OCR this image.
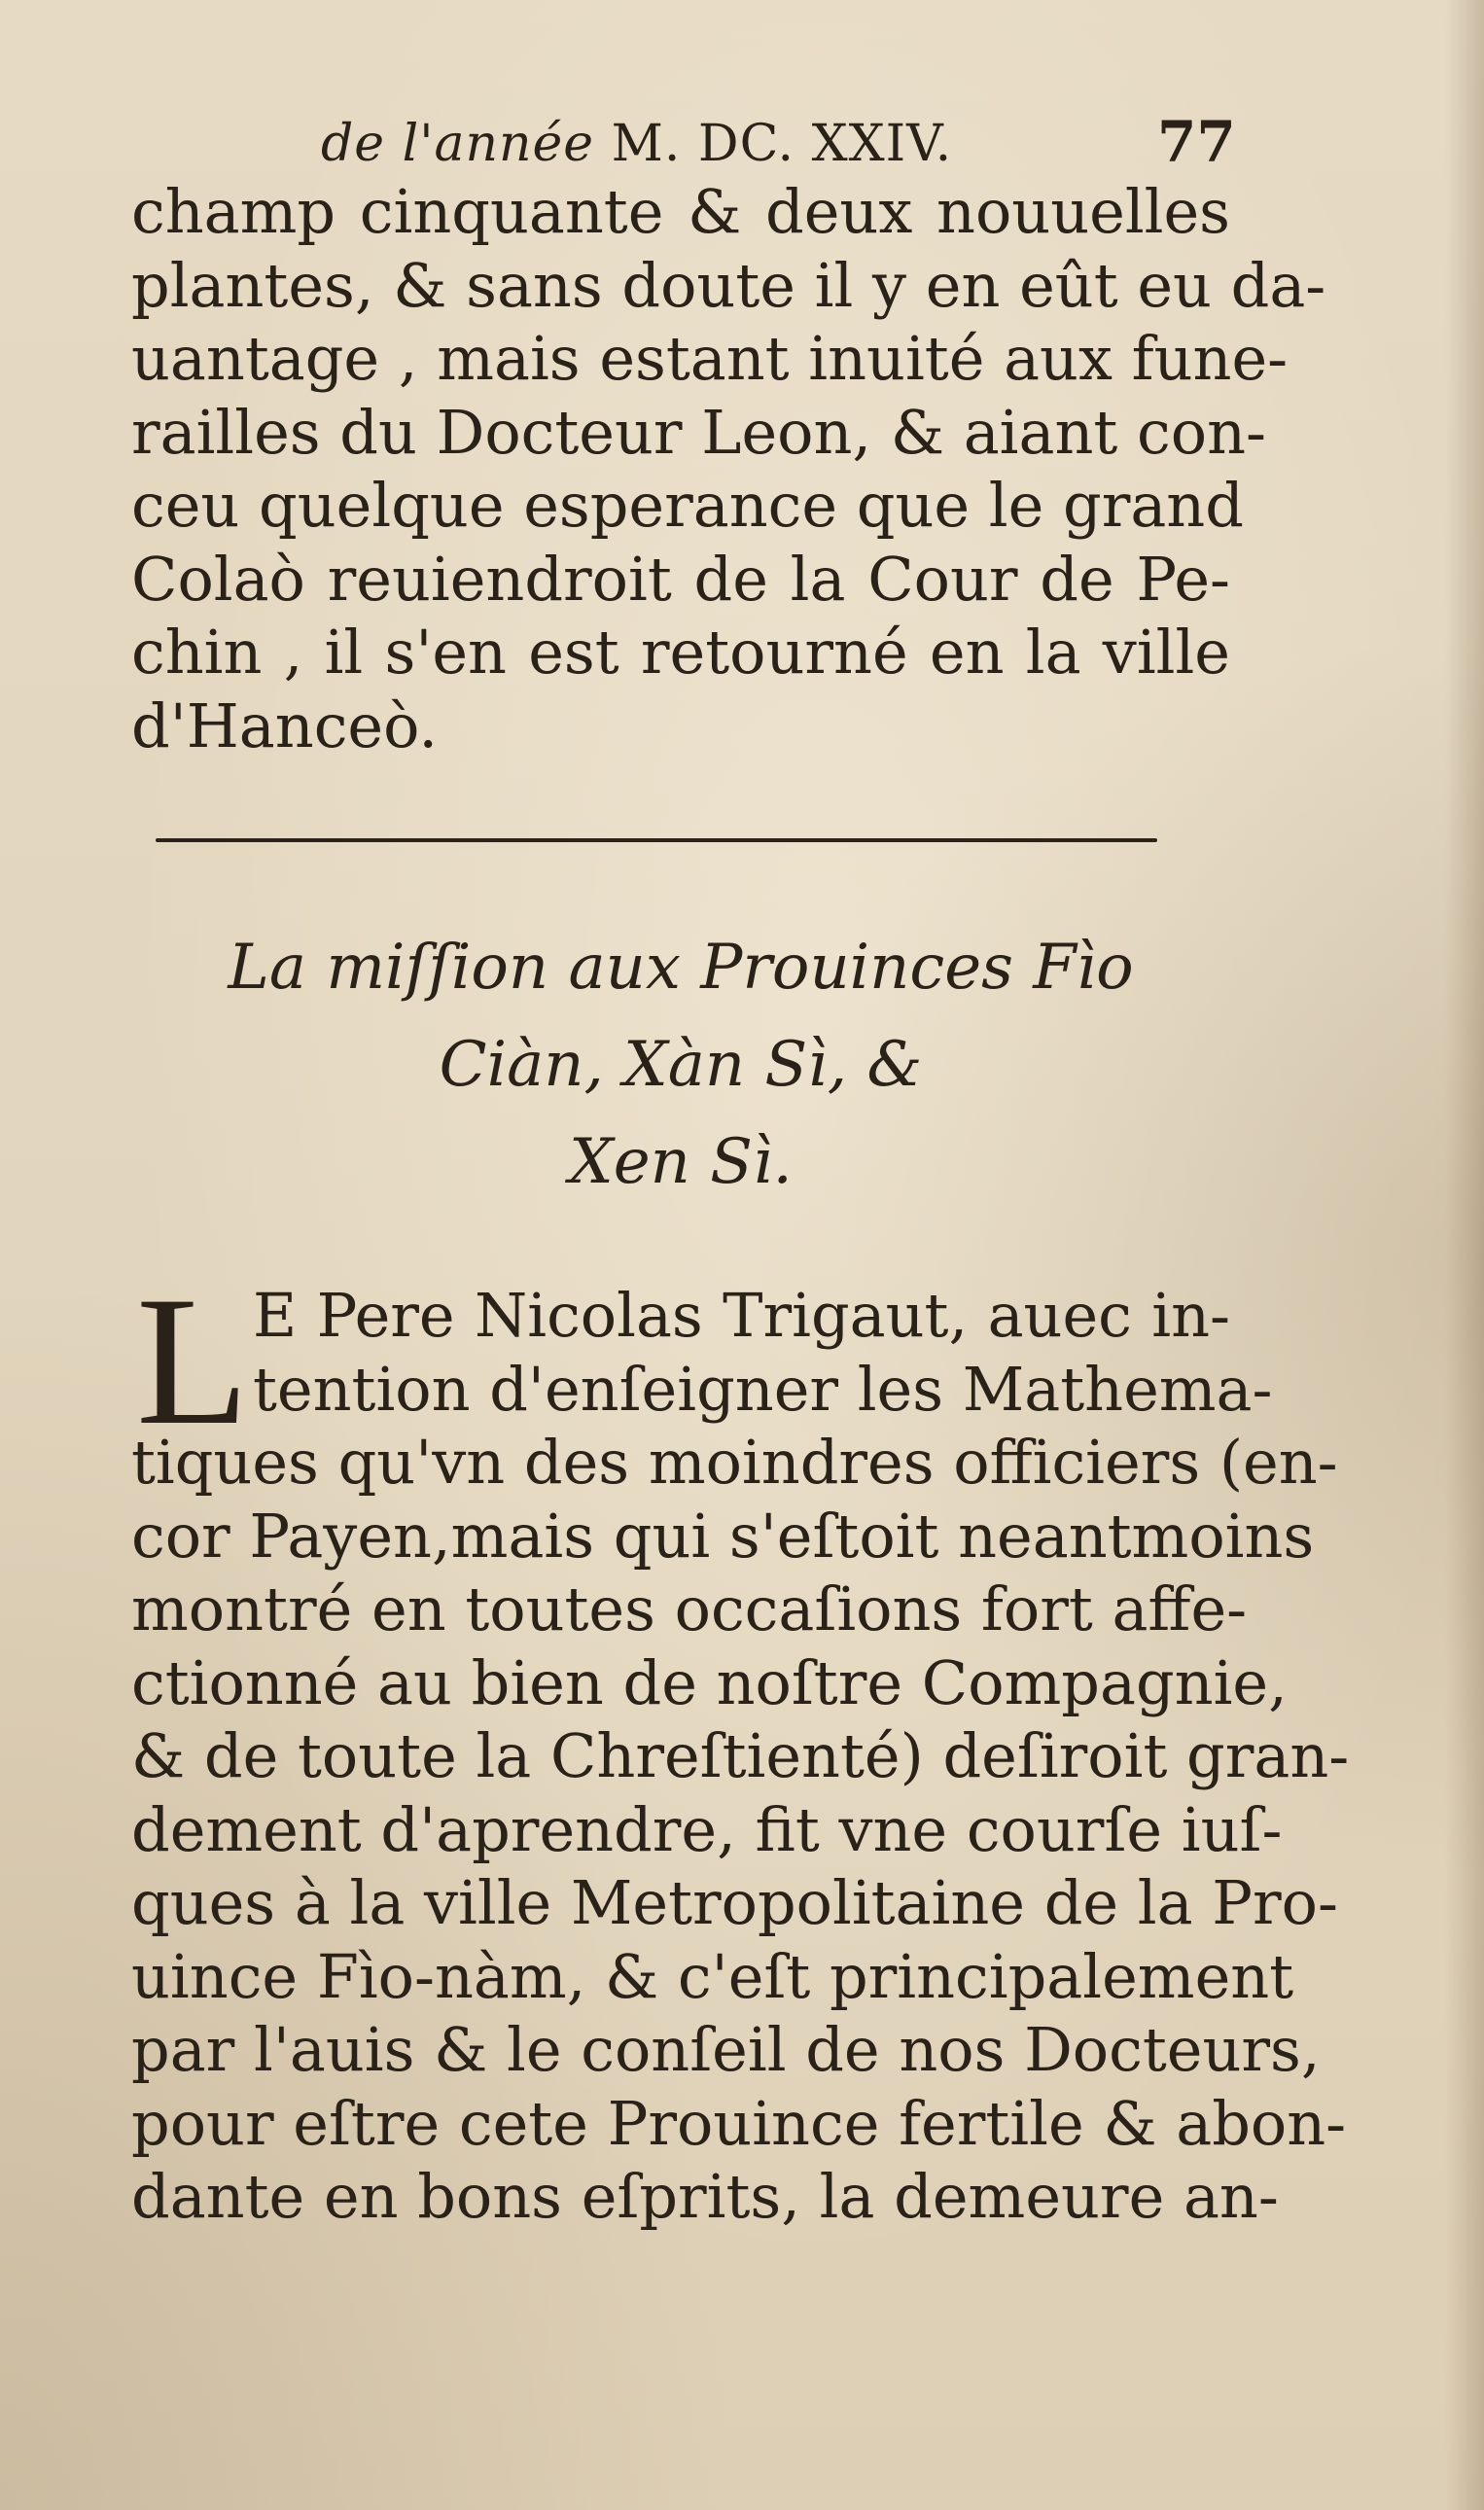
de l'année M. DC. XXIV.	77
champ cinquante & deux nouuelles
plantes, & sans doute il y en eût eu da-
uantage , mais estant inuité aux fune-
railles du Docteur Leon, & aiant con-
ceu quelque esperance que le grand
Colaò reuiendroit de la Cour de Pe-
chin , il s'en est retourné en la ville
d'Hanceò.
La miſſion aux Prouinces Fìo
Ciàn, Xàn Sì, &
Xen Sì.
L E Pere Nicolas Trigaut, auec in-
tention d'enſeigner les Mathema-
tiques qu'vn des moindres officiers (en-
cor Payen,mais qui s'eſtoit neantmoins
montré en toutes occaſions fort affe-
ctionné au bien de noſtre Compagnie,
& de toute la Chreſtienté) deſiroit gran-
dement d'aprendre, fit vne courſe iuſ-
ques à la ville Metropolitaine de la Pro-
uince Fìo-nàm, & c'eſt principalement
par l'auis & le conſeil de nos Docteurs,
pour eſtre cete Prouince fertile & abon-
dante en bons eſprits, la demeure an-
